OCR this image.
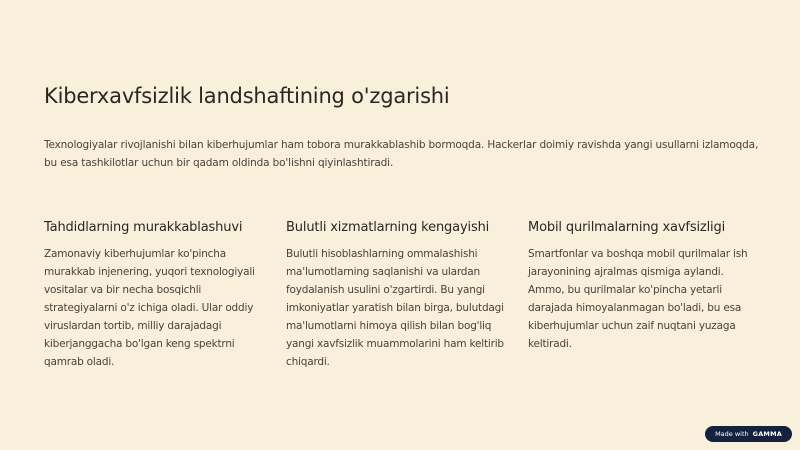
Kiberxavfsizlik landshaftining o'zgarishi

Texnologiyalar rivojlanishi bilan kiberhujumlar ham tobora murakkablashib bormoqda. Hackerlar doimiy ravishda yangi usullarni izlamoqda, bu esa tashkilotlar uchun bir qadam oldinda bo'lishni qiyinlashtiradi.

Tahdidlarning murakkablashuvi

Zamonaviy kiberhujumlar ko'pincha murakkab injenering, yuqori texnologiyali vositalar va bir necha bosqichli strategiyalarni o'z ichiga oladi. Ular oddiy viruslardan tortib, milliy darajadagi kiberjanggacha bo'lgan keng spektrni qamrab oladi.

Bulutli xizmatlarning kengayishi

Bulutli hisoblashlarning ommalashishi ma'lumotlarning saqlanishi va ulardan foydalanish usulini o'zgartirdi. Bu yangi imkoniyatlar yaratish bilan birga, bulutdagi ma'lumotlarni himoya qilish bilan bog'liq yangi xavfsizlik muammolarini ham keltirib chiqardi.

Mobil qurilmalarning xavfsizligi

Smartfonlar va boshqa mobil qurilmalar ish jarayonining ajralmas qismiga aylandi. Ammo, bu qurilmalar ko'pincha yetarli darajada himoyalanmagan bo'ladi, bu esa kiberhujumlar uchun zaif nuqtani yuzaga keltiradi.

Made with GAMMA
